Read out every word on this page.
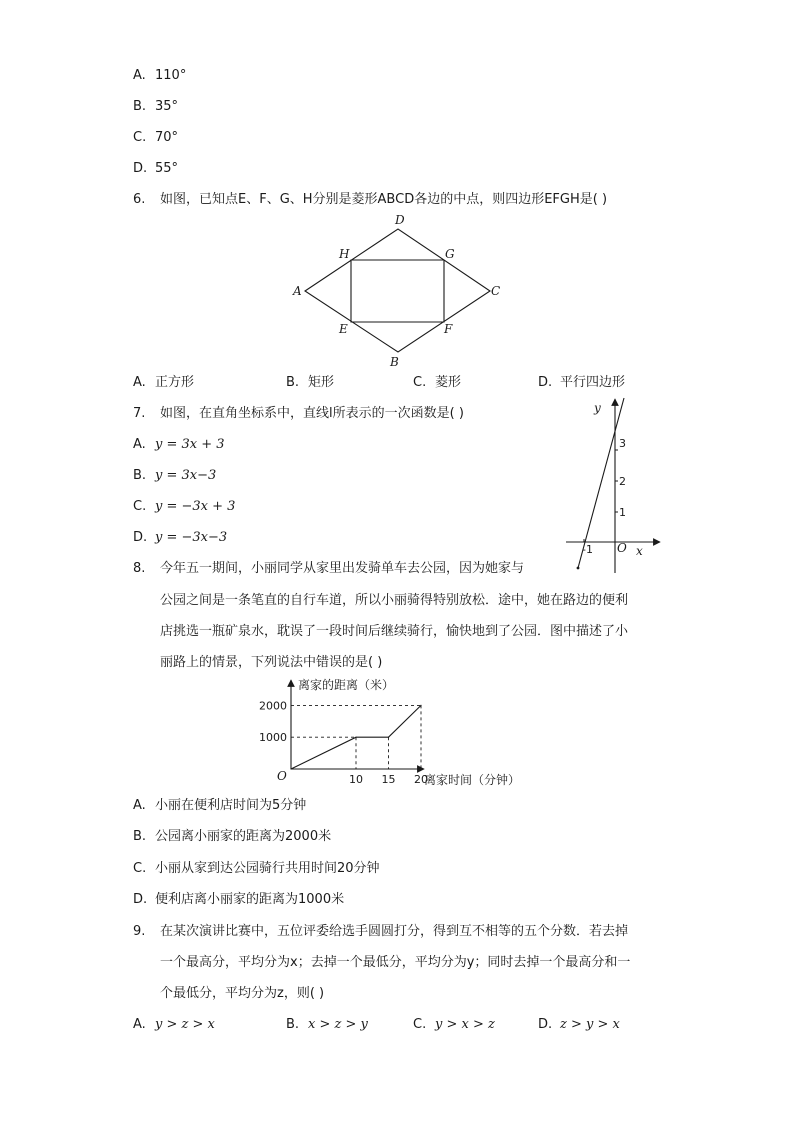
A. 110°
B. 35°
C. 70°
D. 55°
6. 如图，已知点E、F、G、H分别是菱形ABCD各边的中点，则四边形EFGH是( )
A
B
C
D
E	F
G
H
A. 正方形	B. 矩形	C. 菱形	D. 平行四边形
7. 如图，在直角坐标系中，直线l所表示的一次函数是( )
A. y = 3x + 3
B. y = 3x−3
C. y = −3x + 3
D. y = −3x−3
y
x
O
3
2
1
-1
8. 今年五一期间，小丽同学从家里出发骑单车去公园，因为她家与
公园之间是一条笔直的自行车道，所以小丽骑得特别放松．途中，她在路边的便利
店挑选一瓶矿泉水，耽误了一段时间后继续骑行，愉快地到了公园．图中描述了小
丽路上的情景，下列说法中错误的是( )
离家的距离（米）
离家时间（分钟）
O	10 15 20
1000
2000
A. 小丽在便利店时间为5分钟
B. 公园离小丽家的距离为2000米
C. 小丽从家到达公园骑行共用时间20分钟
D. 便利店离小丽家的距离为1000米
9. 在某次演讲比赛中，五位评委给选手圆圆打分，得到互不相等的五个分数．若去掉
一个最高分，平均分为x；去掉一个最低分，平均分为y；同时去掉一个最高分和一
个最低分，平均分为z，则( )
A. y > z > x	B. x > z > y	C. y > x > z	D. z > y > x
